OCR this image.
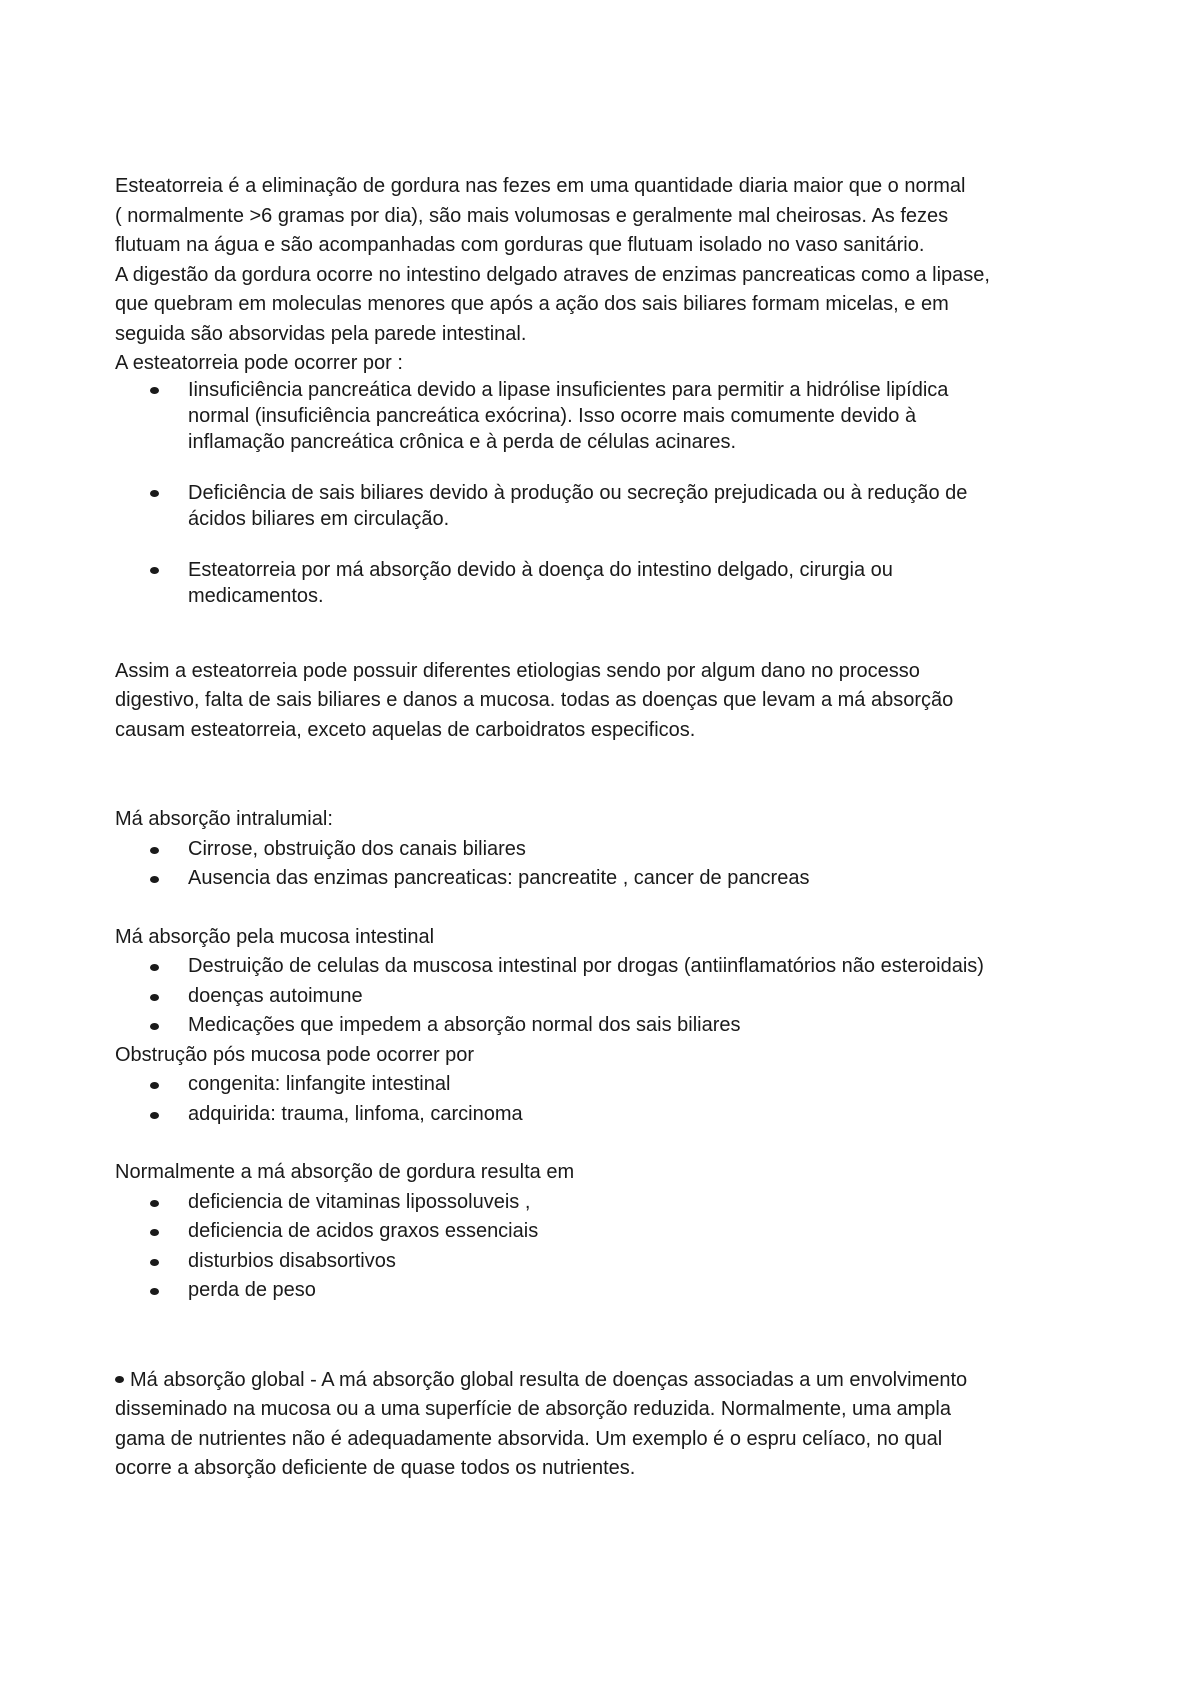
Esteatorreia é a eliminação de gordura nas fezes em uma quantidade diaria maior que o normal
( normalmente >6 gramas por dia), são mais volumosas e geralmente mal cheirosas. As fezes
flutuam na água e são acompanhadas com gorduras que flutuam isolado no vaso sanitário.
A digestão da gordura ocorre no intestino delgado atraves de enzimas pancreaticas como a lipase,
que quebram em moleculas menores que após a ação dos sais biliares formam micelas, e em
seguida são absorvidas pela parede intestinal.
A esteatorreia pode ocorrer por :

Iinsuficiência pancreática devido a lipase insuficientes para permitir a hidrólise lipídica
normal (insuficiência pancreática exócrina). Isso ocorre mais comumente devido à
inflamação pancreática crônica e à perda de células acinares.
Deficiência de sais biliares devido à produção ou secreção prejudicada ou à redução de
ácidos biliares em circulação.
Esteatorreia por má absorção devido à doença do intestino delgado, cirurgia ou
medicamentos.

Assim a esteatorreia pode possuir diferentes etiologias sendo por algum dano no processo
digestivo, falta de sais biliares e danos a mucosa. todas as doenças que levam a má absorção
causam esteatorreia, exceto aquelas de carboidratos especificos.

Má absorção intralumial:

Cirrose, obstruição dos canais biliares
Ausencia das enzimas pancreaticas: pancreatite , cancer de pancreas

Má absorção pela mucosa intestinal

Destruição de celulas da muscosa intestinal por drogas (antiinflamatórios não esteroidais)
doenças autoimune
Medicações que impedem a absorção normal dos sais biliares

Obstrução pós mucosa pode ocorrer por

congenita: linfangite intestinal
adquirida: trauma, linfoma, carcinoma

Normalmente a má absorção de gordura resulta em

deficiencia de vitaminas lipossoluveis ,
deficiencia de acidos graxos essenciais
disturbios disabsortivos
perda de peso

Má absorção global - A má absorção global resulta de doenças associadas a um envolvimento
disseminado na mucosa ou a uma superfície de absorção reduzida. Normalmente, uma ampla
gama de nutrientes não é adequadamente absorvida. Um exemplo é o espru celíaco, no qual
ocorre a absorção deficiente de quase todos os nutrientes.
